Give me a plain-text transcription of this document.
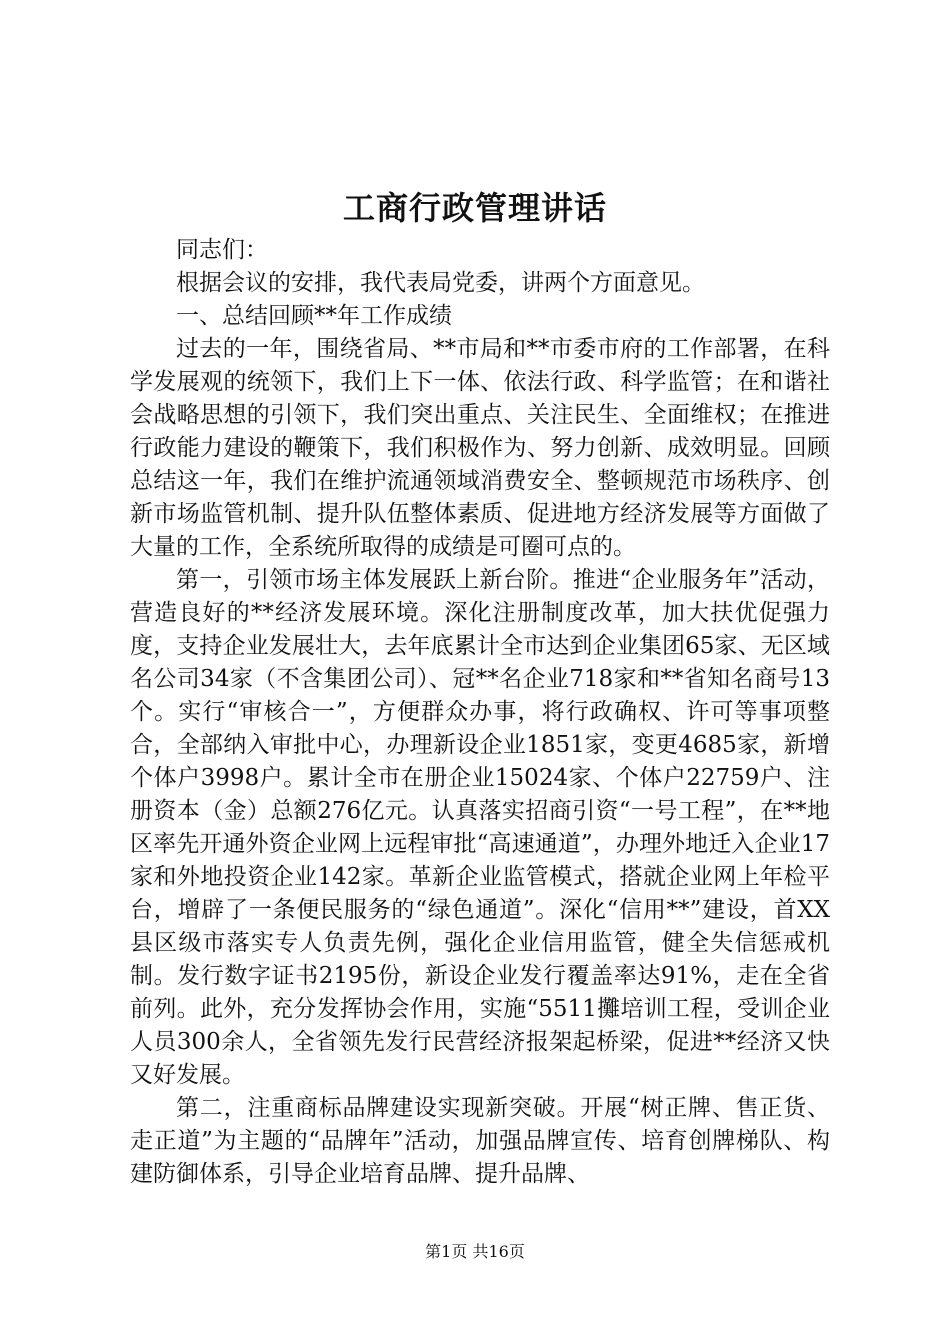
工商行政管理讲话

同志们：

根据会议的安排，我代表局党委，讲两个方面意见。

一、总结回顾**年工作成绩

过去的一年，围绕省局、**市局和**市委市府的工作部署，在科学发展观的统领下，我们上下一体、依法行政、科学监管；在和谐社会战略思想的引领下，我们突出重点、关注民生、全面维权；在推进行政能力建设的鞭策下，我们积极作为、努力创新、成效明显。回顾总结这一年，我们在维护流通领域消费安全、整顿规范市场秩序、创新市场监管机制、提升队伍整体素质、促进地方经济发展等方面做了大量的工作，全系统所取得的成绩是可圈可点的。

第一，引领市场主体发展跃上新台阶。推进“企业服务年”活动，营造良好的**经济发展环境。深化注册制度改革，加大扶优促强力度，支持企业发展壮大，去年底累计全市达到企业集团65家、无区域名公司34家（不含集团公司）、冠**名企业718家和**省知名商号13个。实行“审核合一”，方便群众办事，将行政确权、许可等事项整合，全部纳入审批中心，办理新设企业1851家，变更4685家，新增个体户3998户。累计全市在册企业15024家、个体户22759户、注册资本（金）总额276亿元。认真落实招商引资“一号工程”，在**地区率先开通外资企业网上远程审批“高速通道”，办理外地迁入企业17家和外地投资企业142家。革新企业监管模式，搭就企业网上年检平台，增辟了一条便民服务的“绿色通道”。深化“信用**”建设，首XX县区级市落实专人负责先例，强化企业信用监管，健全失信惩戒机制。发行数字证书2195份，新设企业发行覆盖率达91%，走在全省前列。此外，充分发挥协会作用，实施“5511攤培训工程，受训企业人员300余人，全省领先发行民营经济报架起桥梁，促进**经济又快又好发展。

第二，注重商标品牌建设实现新突破。开展“树正牌、售正货、走正道”为主题的“品牌年”活动，加强品牌宣传、培育创牌梯队、构建防御体系，引导企业培育品牌、提升品牌、

第1页 共16页
